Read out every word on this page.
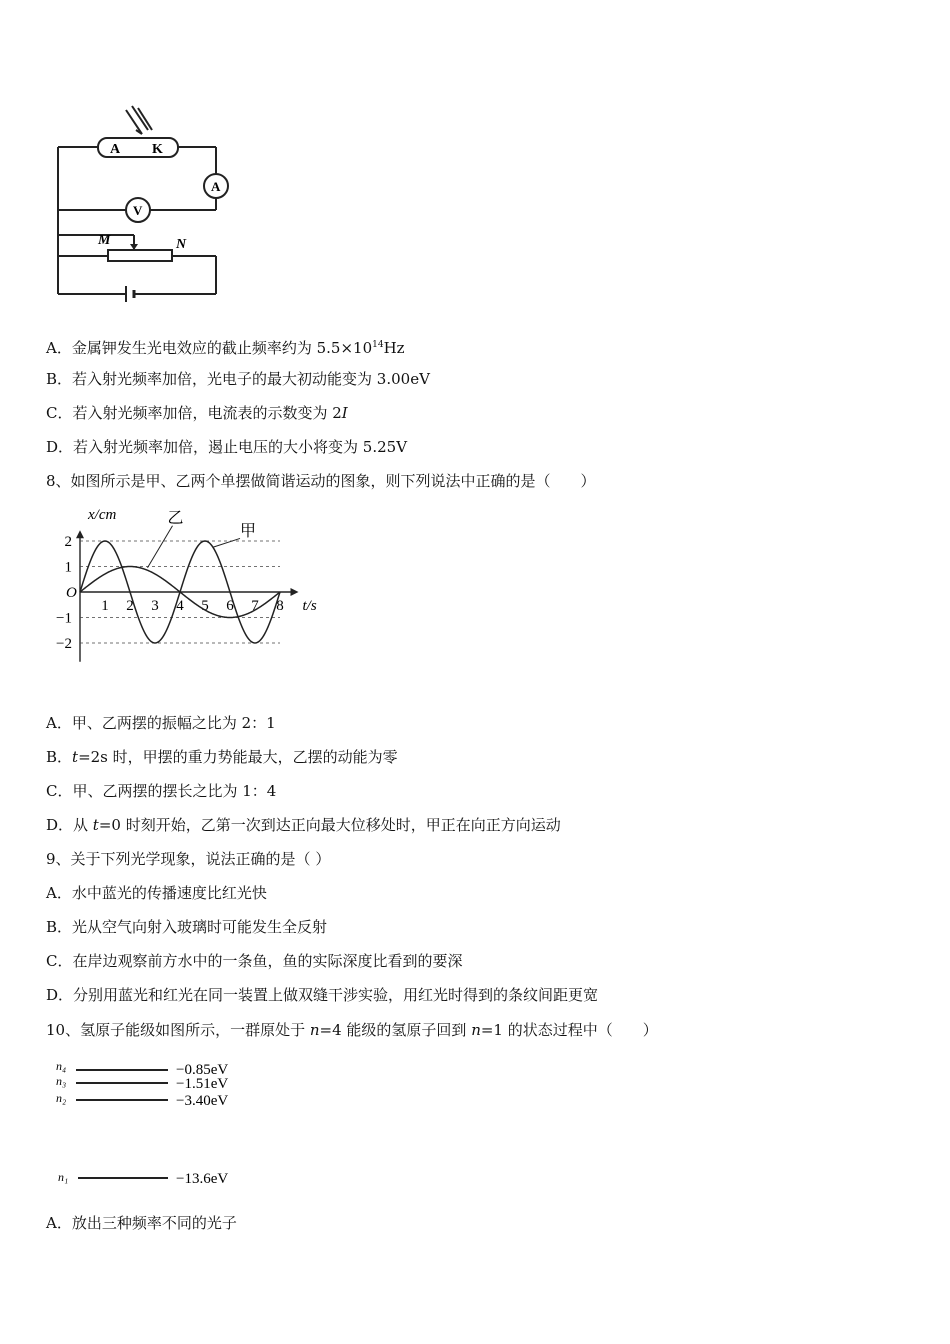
A K
A
V
M	N
A．金属钾发生光电效应的截止频率约为 $5.5\times 10^{14}Hz$
B．若入射光频率加倍，光电子的最大初动能变为 3.00eV
C．若入射光频率加倍，电流表的示数变为 2I
D．若入射光频率加倍，遏止电压的大小将变为 5.25V
8、如图所示是甲、乙两个单摆做简谐运动的图象，则下列说法中正确的是（　　）
2
1
−1
−2
1 2 3 4 5 6 7 8
O
t/s
x/cm	乙
甲
A．甲、乙两摆的振幅之比为 2：1
B．t=2s 时，甲摆的重力势能最大，乙摆的动能为零
C．甲、乙两摆的摆长之比为 1：4
D．从 t=0 时刻开始，乙第一次到达正向最大位移处时，甲正在向正方向运动
9、关于下列光学现象，说法正确的是（ ）
A．水中蓝光的传播速度比红光快
B．光从空气向射入玻璃时可能发生全反射
C．在岸边观察前方水中的一条鱼，鱼的实际深度比看到的要深
D．分别用蓝光和红光在同一装置上做双缝干涉实验，用红光时得到的条纹间距更宽
10、氢原子能级如图所示，一群原处于 n=4 能级的氢原子回到 n=1 的状态过程中（　　）
n₄
n₃
n₂
n₁
−0.85eV
−1.51eV
−3.40eV
−13.6eV
A．放出三种频率不同的光子
